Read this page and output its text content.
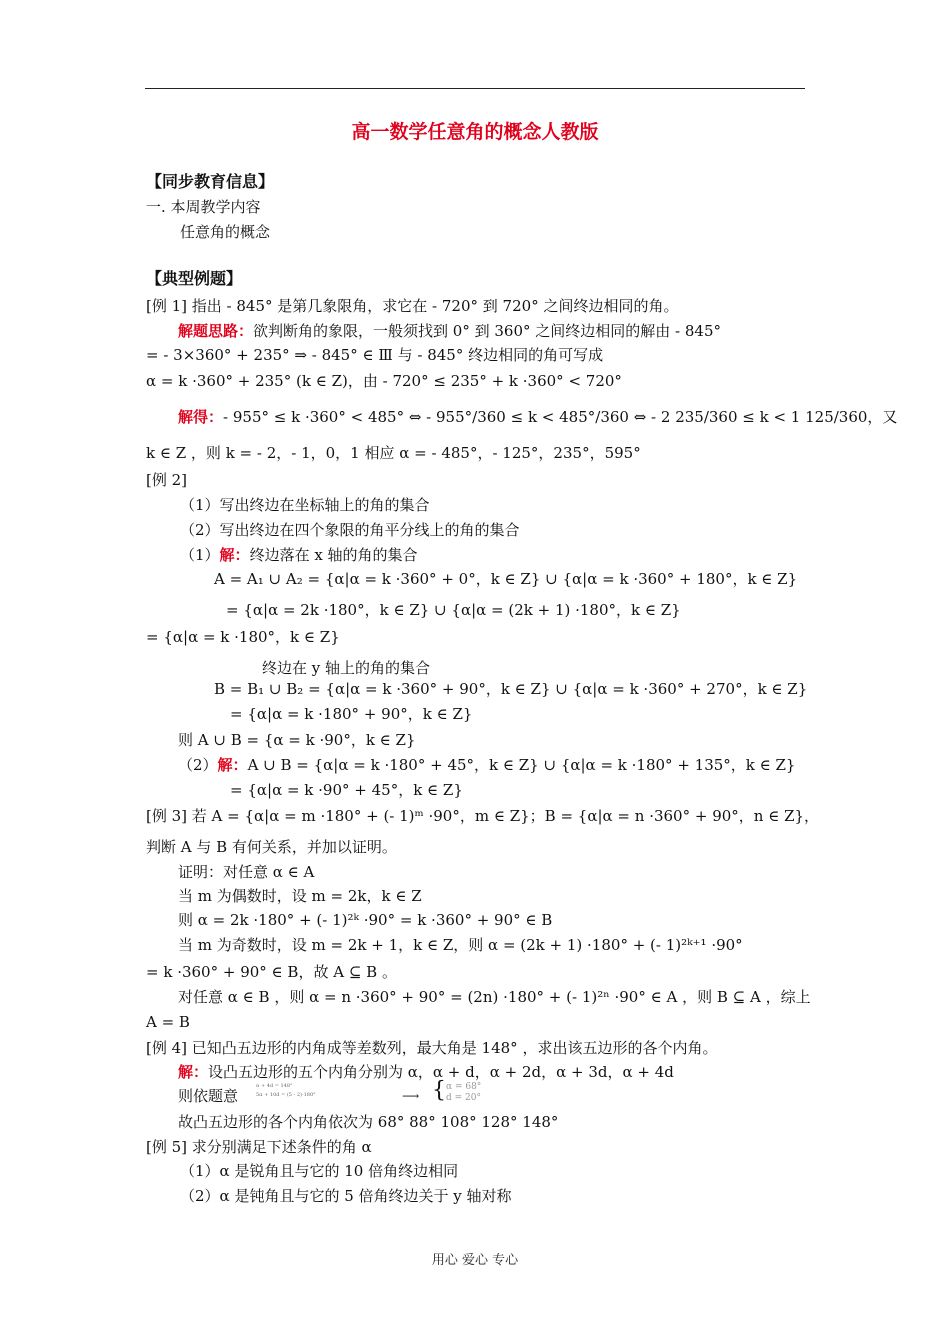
高一数学任意角的概念人教版
【同步教育信息】
一. 本周教学内容
任意角的概念
【典型例题】
[例 1] 指出 - 845° 是第几象限角，求它在 - 720° 到 720° 之间终边相同的角。
解题思路：欲判断角的象限，一般须找到 0° 到 360° 之间终边相同的解由 - 845°
= - 3×360° + 235° ⇒ - 845° ∈ Ⅲ 与 - 845° 终边相同的角可写成
α = k ·360° + 235° (k ∈ Z)，由 - 720° ≤ 235° + k ·360° < 720°
解得：- 955° ≤ k ·360° < 485° ⇔ - 955°/360 ≤ k < 485°/360 ⇔ - 2 235/360 ≤ k < 1 125/360，又
k ∈ Z ，则 k = - 2，- 1，0，1 相应 α = - 485°，- 125°，235°，595°
[例 2]
（1）写出终边在坐标轴上的角的集合
（2）写出终边在四个象限的角平分线上的角的集合
（1）解：终边落在 x 轴的角的集合
A = A₁ ∪ A₂ = {α|α = k ·360° + 0°，k ∈ Z} ∪ {α|α = k ·360° + 180°，k ∈ Z}
= {α|α = 2k ·180°，k ∈ Z} ∪ {α|α = (2k + 1) ·180°，k ∈ Z}
= {α|α = k ·180°，k ∈ Z}
终边在 y 轴上的角的集合
B = B₁ ∪ B₂ = {α|α = k ·360° + 90°，k ∈ Z} ∪ {α|α = k ·360° + 270°，k ∈ Z}
= {α|α = k ·180° + 90°，k ∈ Z}
则 A ∪ B = {α = k ·90°，k ∈ Z}
（2）解：A ∪ B = {α|α = k ·180° + 45°，k ∈ Z} ∪ {α|α = k ·180° + 135°，k ∈ Z}
= {α|α = k ·90° + 45°，k ∈ Z}
[例 3] 若 A = {α|α = m ·180° + (- 1)ᵐ ·90°，m ∈ Z}；B = {α|α = n ·360° + 90°，n ∈ Z}，
判断 A 与 B 有何关系，并加以证明。
证明：对任意 α ∈ A
当 m 为偶数时，设 m = 2k，k ∈ Z
则 α = 2k ·180° + (- 1)²ᵏ ·90° = k ·360° + 90° ∈ B
当 m 为奇数时，设 m = 2k + 1，k ∈ Z，则 α = (2k + 1) ·180° + (- 1)²ᵏ⁺¹ ·90°
= k ·360° + 90° ∈ B，故 A ⊆ B 。
对任意 α ∈ B ，则 α = n ·360° + 90° = (2n) ·180° + (- 1)²ⁿ ·90° ∈ A ，则 B ⊆ A ，综上
A = B
[例 4] 已知凸五边形的内角成等差数列，最大角是 148° ，求出该五边形的各个内角。
解：设凸五边形的五个内角分别为 α，α + d，α + 2d，α + 3d，α + 4d
则依题意
α + 4d = 148°
5α + 10d = (5 - 2)·180°	⟶ { α = 68°
d = 20°
故凸五边形的各个内角依次为 68° 88° 108° 128° 148°
[例 5] 求分别满足下述条件的角 α
（1）α 是锐角且与它的 10 倍角终边相同
（2）α 是钝角且与它的 5 倍角终边关于 y 轴对称
用心 爱心 专心
